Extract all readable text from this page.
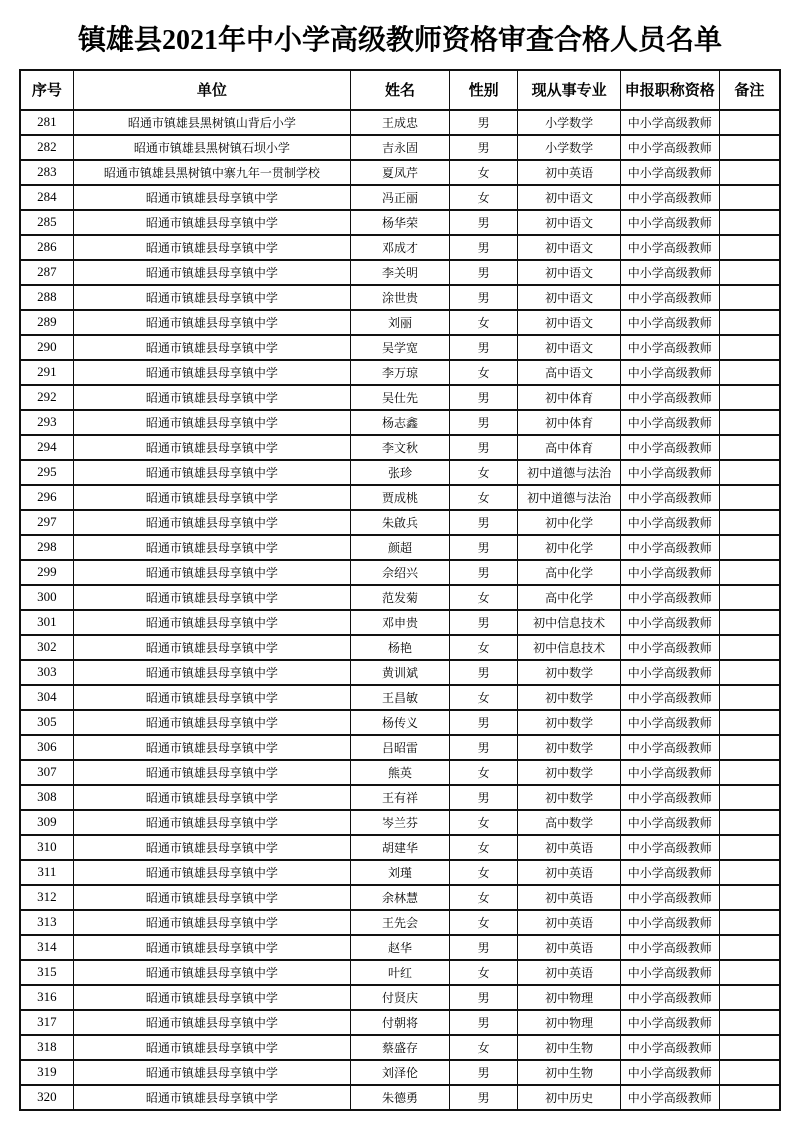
镇雄县2021年中小学高级教师资格审查合格人员名单
序号	单位	姓名	性别	现从事专业	申报职称资格	备注
281	昭通市镇雄县黑树镇山背后小学	王成忠	男	小学数学	中小学高级教师	
282	昭通市镇雄县黑树镇石坝小学	吉永固	男	小学数学	中小学高级教师	
283	昭通市镇雄县黑树镇中寨九年一贯制学校	夏凤芹	女	初中英语	中小学高级教师	
284	昭通市镇雄县母享镇中学	冯正丽	女	初中语文	中小学高级教师	
285	昭通市镇雄县母享镇中学	杨华荣	男	初中语文	中小学高级教师	
286	昭通市镇雄县母享镇中学	邓成才	男	初中语文	中小学高级教师	
287	昭通市镇雄县母享镇中学	李关明	男	初中语文	中小学高级教师	
288	昭通市镇雄县母享镇中学	涂世贵	男	初中语文	中小学高级教师	
289	昭通市镇雄县母享镇中学	刘丽	女	初中语文	中小学高级教师	
290	昭通市镇雄县母享镇中学	吴学宽	男	初中语文	中小学高级教师	
291	昭通市镇雄县母享镇中学	李万琼	女	高中语文	中小学高级教师	
292	昭通市镇雄县母享镇中学	吴仕先	男	初中体育	中小学高级教师	
293	昭通市镇雄县母享镇中学	杨志鑫	男	初中体育	中小学高级教师	
294	昭通市镇雄县母享镇中学	李文秋	男	高中体育	中小学高级教师	
295	昭通市镇雄县母享镇中学	张珍	女	初中道德与法治	中小学高级教师	
296	昭通市镇雄县母享镇中学	贾成桃	女	初中道德与法治	中小学高级教师	
297	昭通市镇雄县母享镇中学	朱啟兵	男	初中化学	中小学高级教师	
298	昭通市镇雄县母享镇中学	颜超	男	初中化学	中小学高级教师	
299	昭通市镇雄县母享镇中学	佘绍兴	男	高中化学	中小学高级教师	
300	昭通市镇雄县母享镇中学	范发菊	女	高中化学	中小学高级教师	
301	昭通市镇雄县母享镇中学	邓申贵	男	初中信息技术	中小学高级教师	
302	昭通市镇雄县母享镇中学	杨艳	女	初中信息技术	中小学高级教师	
303	昭通市镇雄县母享镇中学	黄训斌	男	初中数学	中小学高级教师	
304	昭通市镇雄县母享镇中学	王昌敏	女	初中数学	中小学高级教师	
305	昭通市镇雄县母享镇中学	杨传义	男	初中数学	中小学高级教师	
306	昭通市镇雄县母享镇中学	吕昭雷	男	初中数学	中小学高级教师	
307	昭通市镇雄县母享镇中学	熊英	女	初中数学	中小学高级教师	
308	昭通市镇雄县母享镇中学	王有祥	男	初中数学	中小学高级教师	
309	昭通市镇雄县母享镇中学	岑兰芬	女	高中数学	中小学高级教师	
310	昭通市镇雄县母享镇中学	胡建华	女	初中英语	中小学高级教师	
311	昭通市镇雄县母享镇中学	刘瑾	女	初中英语	中小学高级教师	
312	昭通市镇雄县母享镇中学	余林慧	女	初中英语	中小学高级教师	
313	昭通市镇雄县母享镇中学	王先会	女	初中英语	中小学高级教师	
314	昭通市镇雄县母享镇中学	赵华	男	初中英语	中小学高级教师	
315	昭通市镇雄县母享镇中学	叶红	女	初中英语	中小学高级教师	
316	昭通市镇雄县母享镇中学	付贤庆	男	初中物理	中小学高级教师	
317	昭通市镇雄县母享镇中学	付朝将	男	初中物理	中小学高级教师	
318	昭通市镇雄县母享镇中学	蔡盛存	女	初中生物	中小学高级教师	
319	昭通市镇雄县母享镇中学	刘泽伦	男	初中生物	中小学高级教师	
320	昭通市镇雄县母享镇中学	朱德勇	男	初中历史	中小学高级教师	
